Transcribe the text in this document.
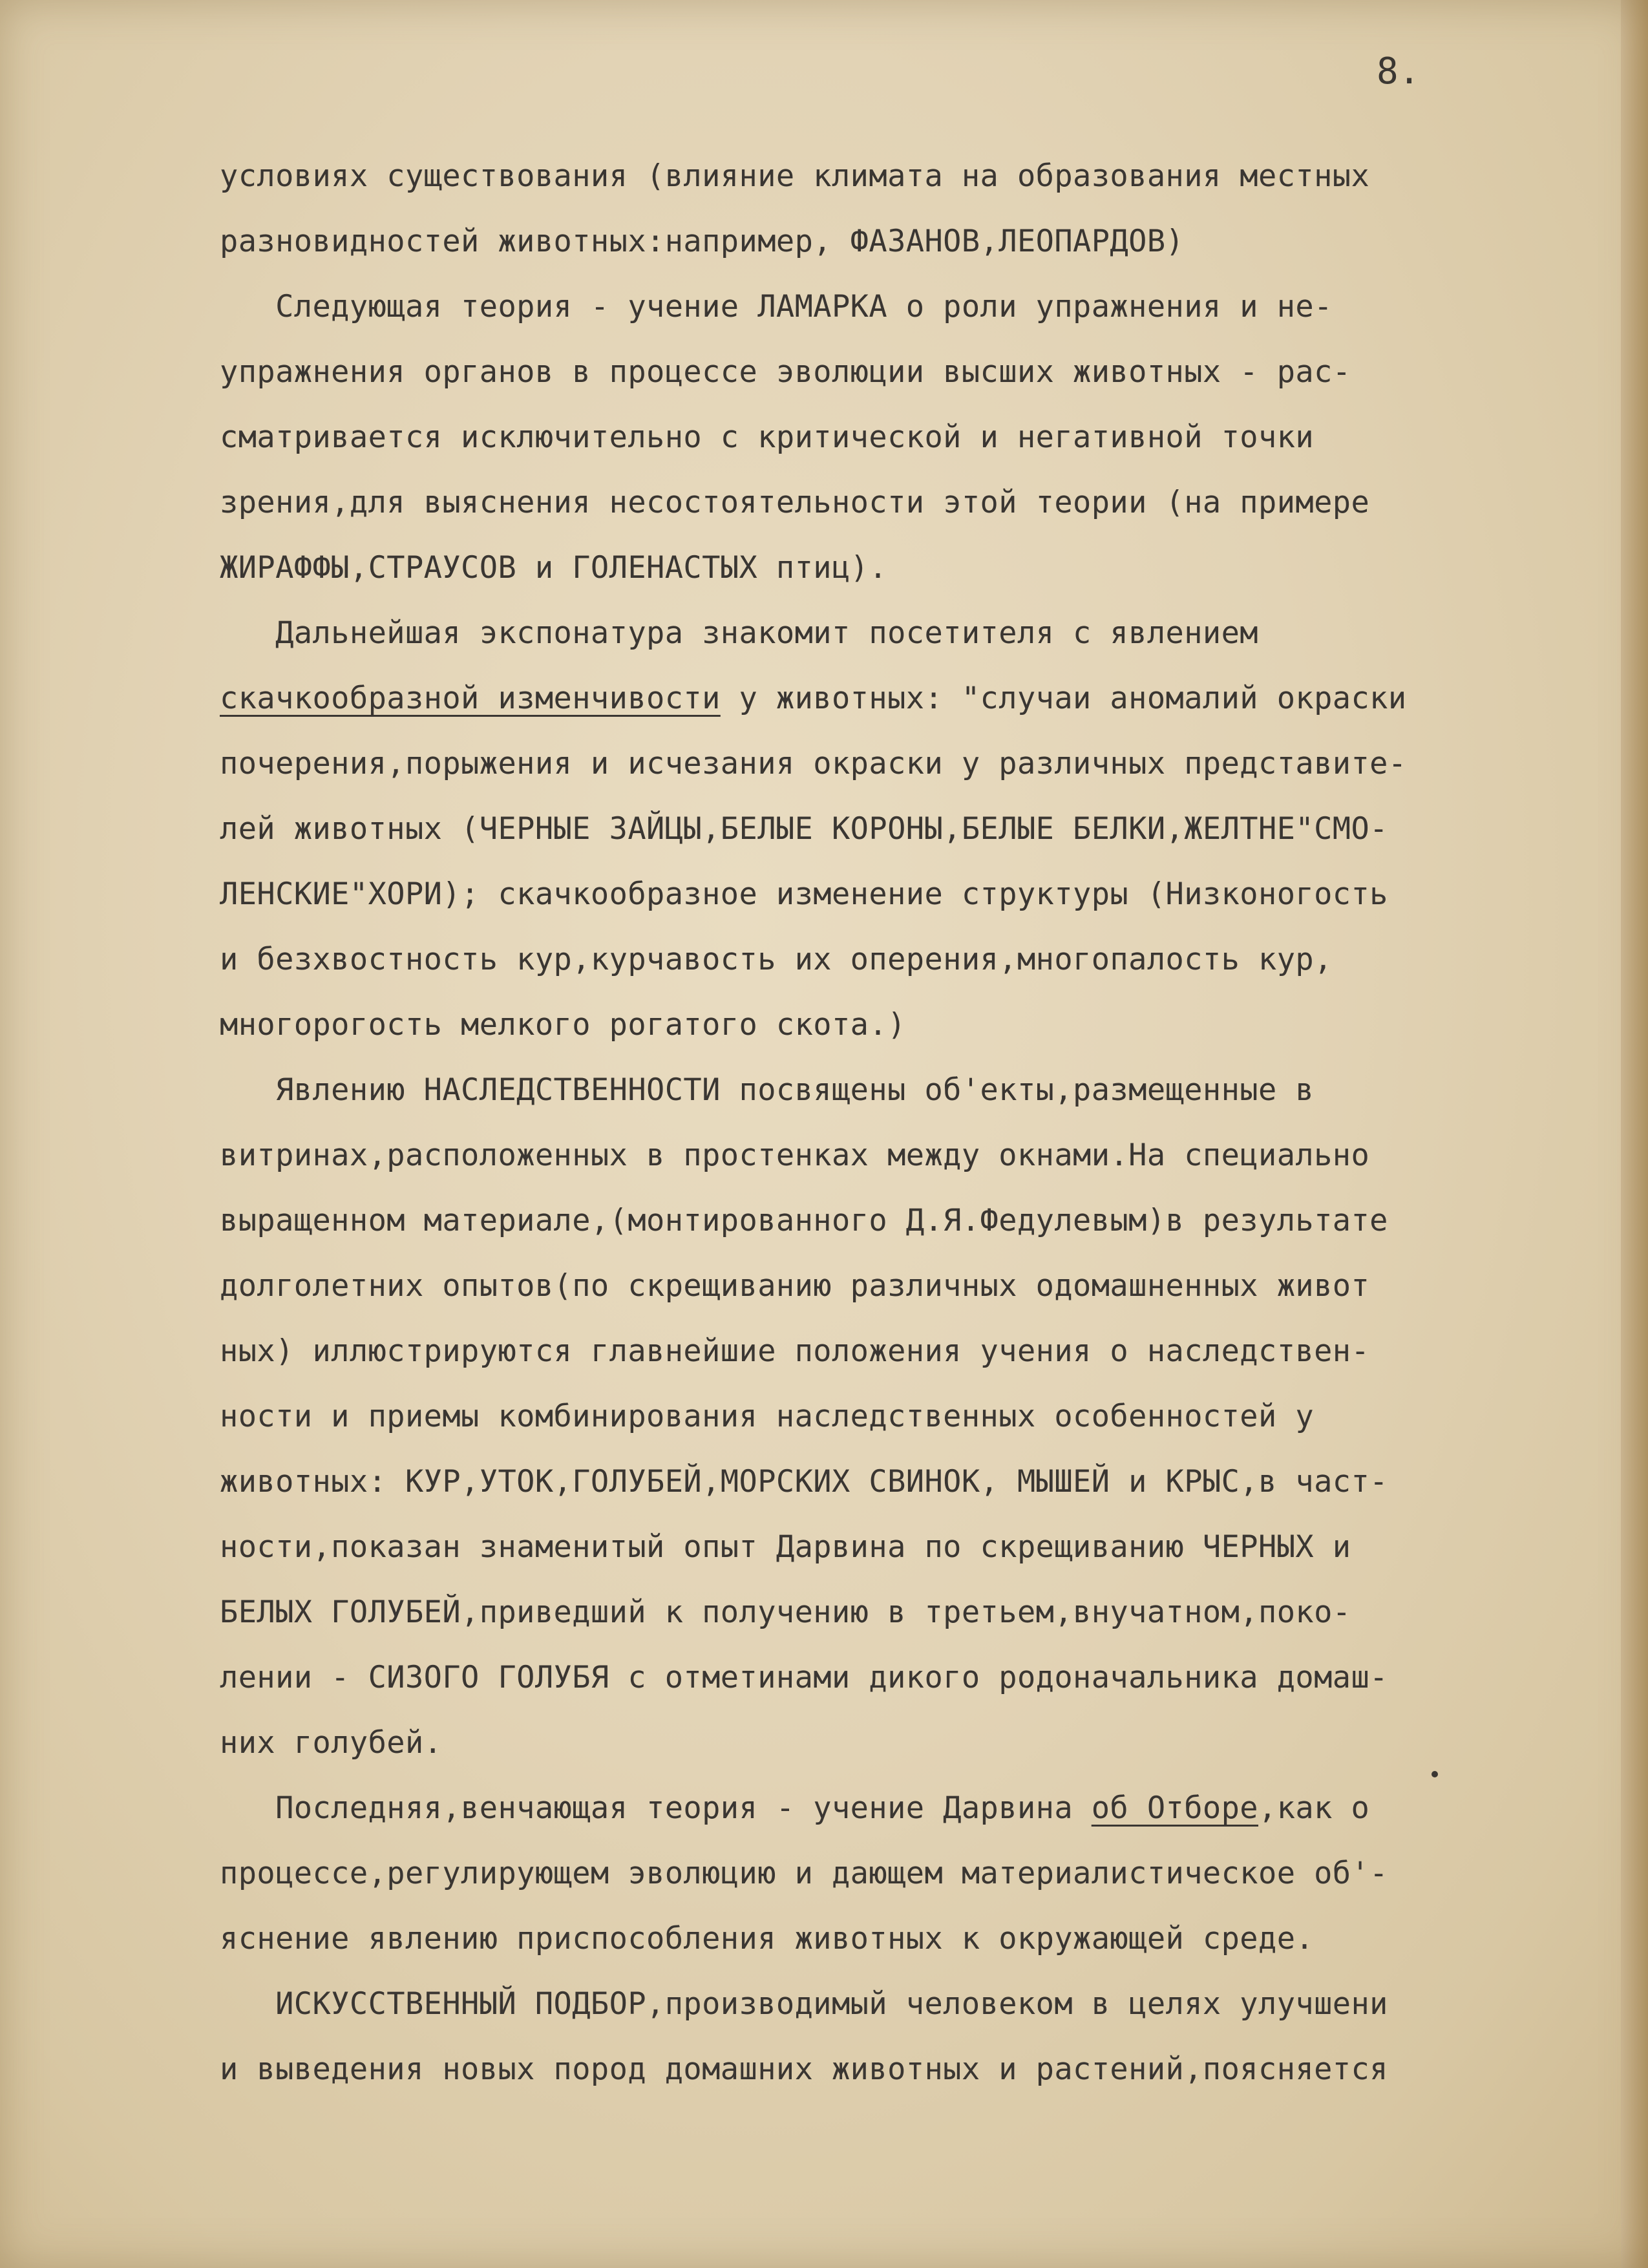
8.
условиях существования (влияние климата на образования местных
разновидностей животных:например, ФАЗАНОВ,ЛЕОПАРДОВ)
Следующая теория - учение ЛАМАРКА о роли упражнения и не-
упражнения органов в процессе эволюции высших животных - рас-
сматривается исключительно с критической и негативной точки
зрения,для выяснения несостоятельности этой теории (на примере
ЖИРАФФЫ,СТРАУСОВ и ГОЛЕНАСТЫХ птиц).
Дальнейшая экспонатура знакомит посетителя с явлением
скачкообразной изменчивости у животных: "случаи аномалий окраски
почерения,порыжения и исчезания окраски у различных представите-
лей животных (ЧЕРНЫЕ ЗАЙЦЫ,БЕЛЫЕ КОРОНЫ,БЕЛЫЕ БЕЛКИ,ЖЕЛТНЕ"СМО-
ЛЕНСКИЕ"ХОРИ); скачкообразное изменение структуры (Низконогость
и безхвостность кур,курчавость их оперения,многопалость кур,
многорогость мелкого рогатого скота.)
Явлению НАСЛЕДСТВЕННОСТИ посвящены об'екты,размещенные в
витринах,расположенных в простенках между окнами.На специально
выращенном материале,(монтированного Д.Я.Федулевым)в результате
долголетних опытов(по скрещиванию различных одомашненных живот
ных) иллюстрируются главнейшие положения учения о наследствен-
ности и приемы комбинирования наследственных особенностей у
животных: КУР,УТОК,ГОЛУБЕЙ,МОРСКИХ СВИНОК, МЫШЕЙ и КРЫС,в част-
ности,показан знаменитый опыт Дарвина по скрещиванию ЧЕРНЫХ и
БЕЛЫХ ГОЛУБЕЙ,приведший к получению в третьем,внучатном,поко-
лении - СИЗОГО ГОЛУБЯ с отметинами дикого родоначальника домаш-
них голубей.
Последняя,венчающая теория - учение Дарвина об Отборе,как о
процессе,регулирующем эволюцию и дающем материалистическое об'-
яснение явлению приспособления животных к окружающей среде.
ИСКУССТВЕННЫЙ ПОДБОР,производимый человеком в целях улучшени
и выведения новых пород домашних животных и растений,поясняется
